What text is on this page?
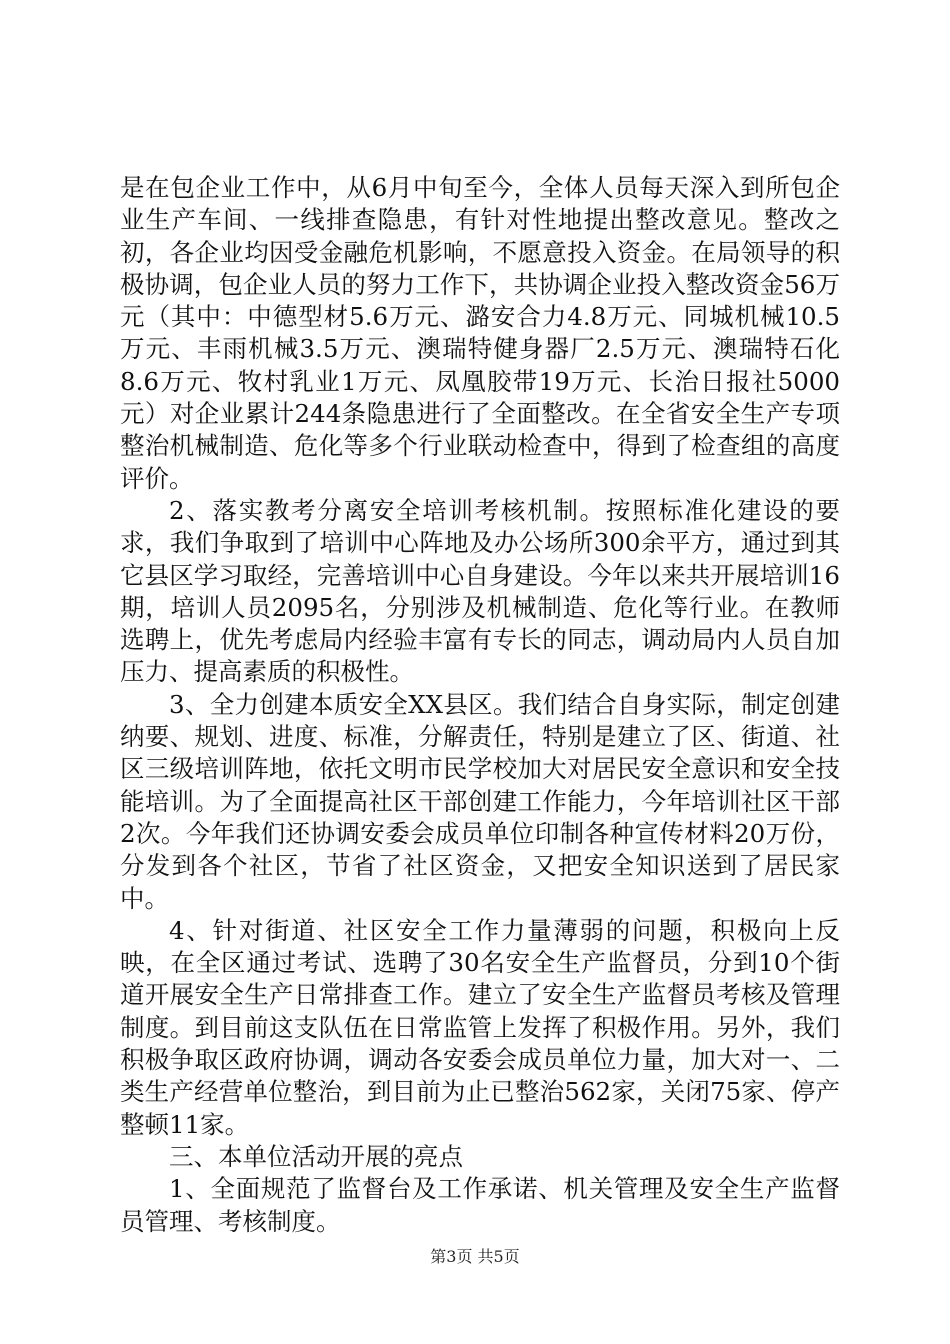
是在包企业工作中，从6月中旬至今，全体人员每天深入到所包企业生产车间、一线排查隐患，有针对性地提出整改意见。整改之初，各企业均因受金融危机影响，不愿意投入资金。在局领导的积极协调，包企业人员的努力工作下，共协调企业投入整改资金56万元（其中：中德型材5.6万元、潞安合力4.8万元、同城机械10.5万元、丰雨机械3.5万元、澳瑞特健身器厂2.5万元、澳瑞特石化8.6万元、牧村乳业1万元、凤凰胶带19万元、长治日报社5000元）对企业累计244条隐患进行了全面整改。在全省安全生产专项整治机械制造、危化等多个行业联动检查中，得到了检查组的高度评价。

2、落实教考分离安全培训考核机制。按照标准化建设的要求，我们争取到了培训中心阵地及办公场所300余平方，通过到其它县区学习取经，完善培训中心自身建设。今年以来共开展培训16期，培训人员2095名，分别涉及机械制造、危化等行业。在教师选聘上，优先考虑局内经验丰富有专长的同志，调动局内人员自加压力、提高素质的积极性。

3、全力创建本质安全XX县区。我们结合自身实际，制定创建纳要、规划、进度、标准，分解责任，特别是建立了区、街道、社区三级培训阵地，依托文明市民学校加大对居民安全意识和安全技能培训。为了全面提高社区干部创建工作能力，今年培训社区干部2次。今年我们还协调安委会成员单位印制各种宣传材料20万份，分发到各个社区，节省了社区资金，又把安全知识送到了居民家中。

4、针对街道、社区安全工作力量薄弱的问题，积极向上反映，在全区通过考试、选聘了30名安全生产监督员，分到10个街道开展安全生产日常排查工作。建立了安全生产监督员考核及管理制度。到目前这支队伍在日常监管上发挥了积极作用。另外，我们积极争取区政府协调，调动各安委会成员单位力量，加大对一、二类生产经营单位整治，到目前为止已整治562家，关闭75家、停产整顿11家。

三、本单位活动开展的亮点

1、全面规范了监督台及工作承诺、机关管理及安全生产监督员管理、考核制度。

第3页 共5页
